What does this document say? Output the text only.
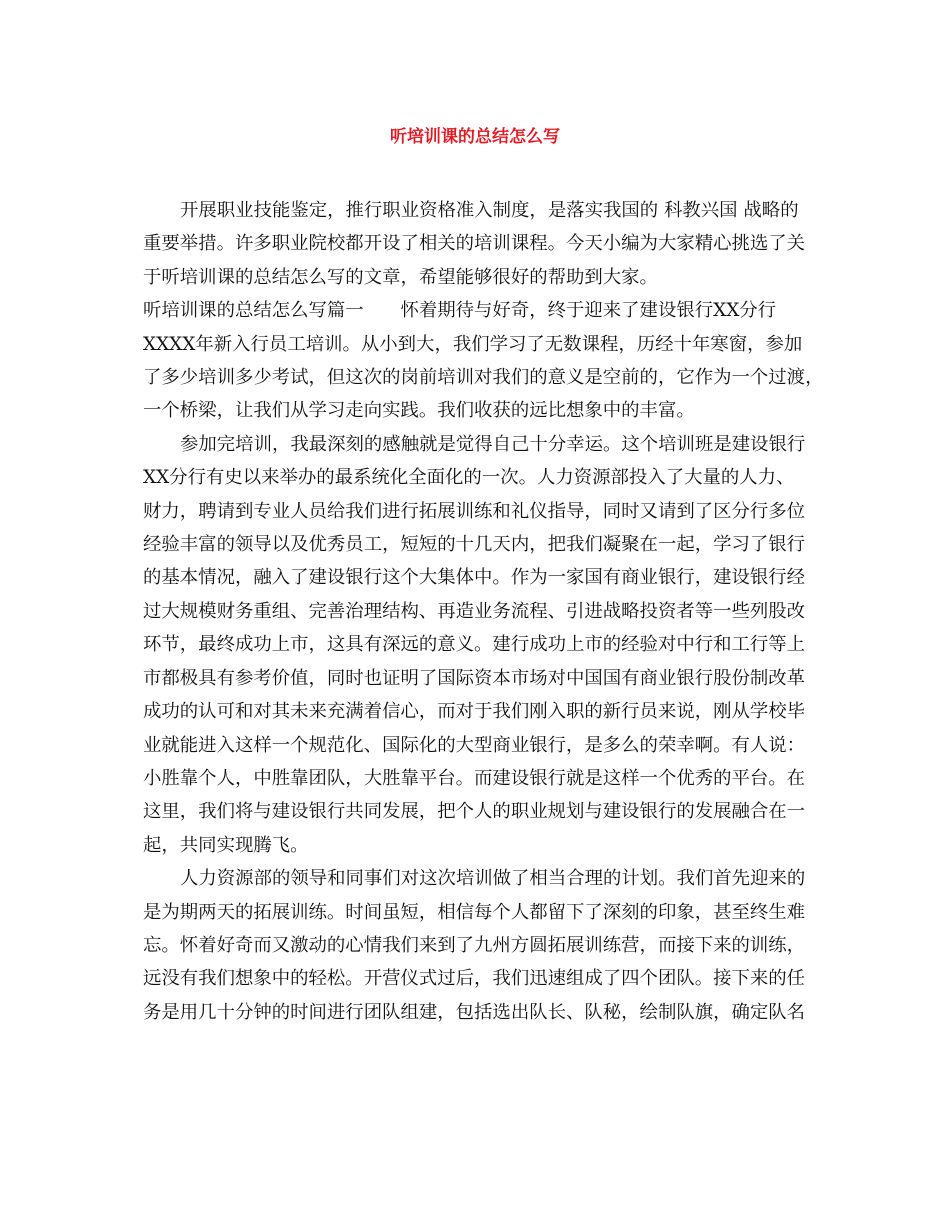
听培训课的总结怎么写
开展职业技能鉴定，推行职业资格准入制度，是落实我国的 科教兴国 战略的
重要举措。许多职业院校都开设了相关的培训课程。今天小编为大家精心挑选了关
于听培训课的总结怎么写的文章，希望能够很好的帮助到大家。
听培训课的总结怎么写篇一　　怀着期待与好奇，终于迎来了建设银行XX分行
XXXX年新入行员工培训。从小到大，我们学习了无数课程，历经十年寒窗，参加
了多少培训多少考试，但这次的岗前培训对我们的意义是空前的，它作为一个过渡，
一个桥梁，让我们从学习走向实践。我们收获的远比想象中的丰富。
参加完培训，我最深刻的感触就是觉得自己十分幸运。这个培训班是建设银行
XX分行有史以来举办的最系统化全面化的一次。人力资源部投入了大量的人力、
财力，聘请到专业人员给我们进行拓展训练和礼仪指导，同时又请到了区分行多位
经验丰富的领导以及优秀员工，短短的十几天内，把我们凝聚在一起，学习了银行
的基本情况，融入了建设银行这个大集体中。作为一家国有商业银行，建设银行经
过大规模财务重组、完善治理结构、再造业务流程、引进战略投资者等一些列股改
环节，最终成功上市，这具有深远的意义。建行成功上市的经验对中行和工行等上
市都极具有参考价值，同时也证明了国际资本市场对中国国有商业银行股份制改革
成功的认可和对其未来充满着信心，而对于我们刚入职的新行员来说，刚从学校毕
业就能进入这样一个规范化、国际化的大型商业银行，是多么的荣幸啊。有人说：
小胜靠个人，中胜靠团队，大胜靠平台。而建设银行就是这样一个优秀的平台。在
这里，我们将与建设银行共同发展，把个人的职业规划与建设银行的发展融合在一
起，共同实现腾飞。
人力资源部的领导和同事们对这次培训做了相当合理的计划。我们首先迎来的
是为期两天的拓展训练。时间虽短，相信每个人都留下了深刻的印象，甚至终生难
忘。怀着好奇而又激动的心情我们来到了九州方圆拓展训练营，而接下来的训练，
远没有我们想象中的轻松。开营仪式过后，我们迅速组成了四个团队。接下来的任
务是用几十分钟的时间进行团队组建，包括选出队长、队秘，绘制队旗，确定队名
